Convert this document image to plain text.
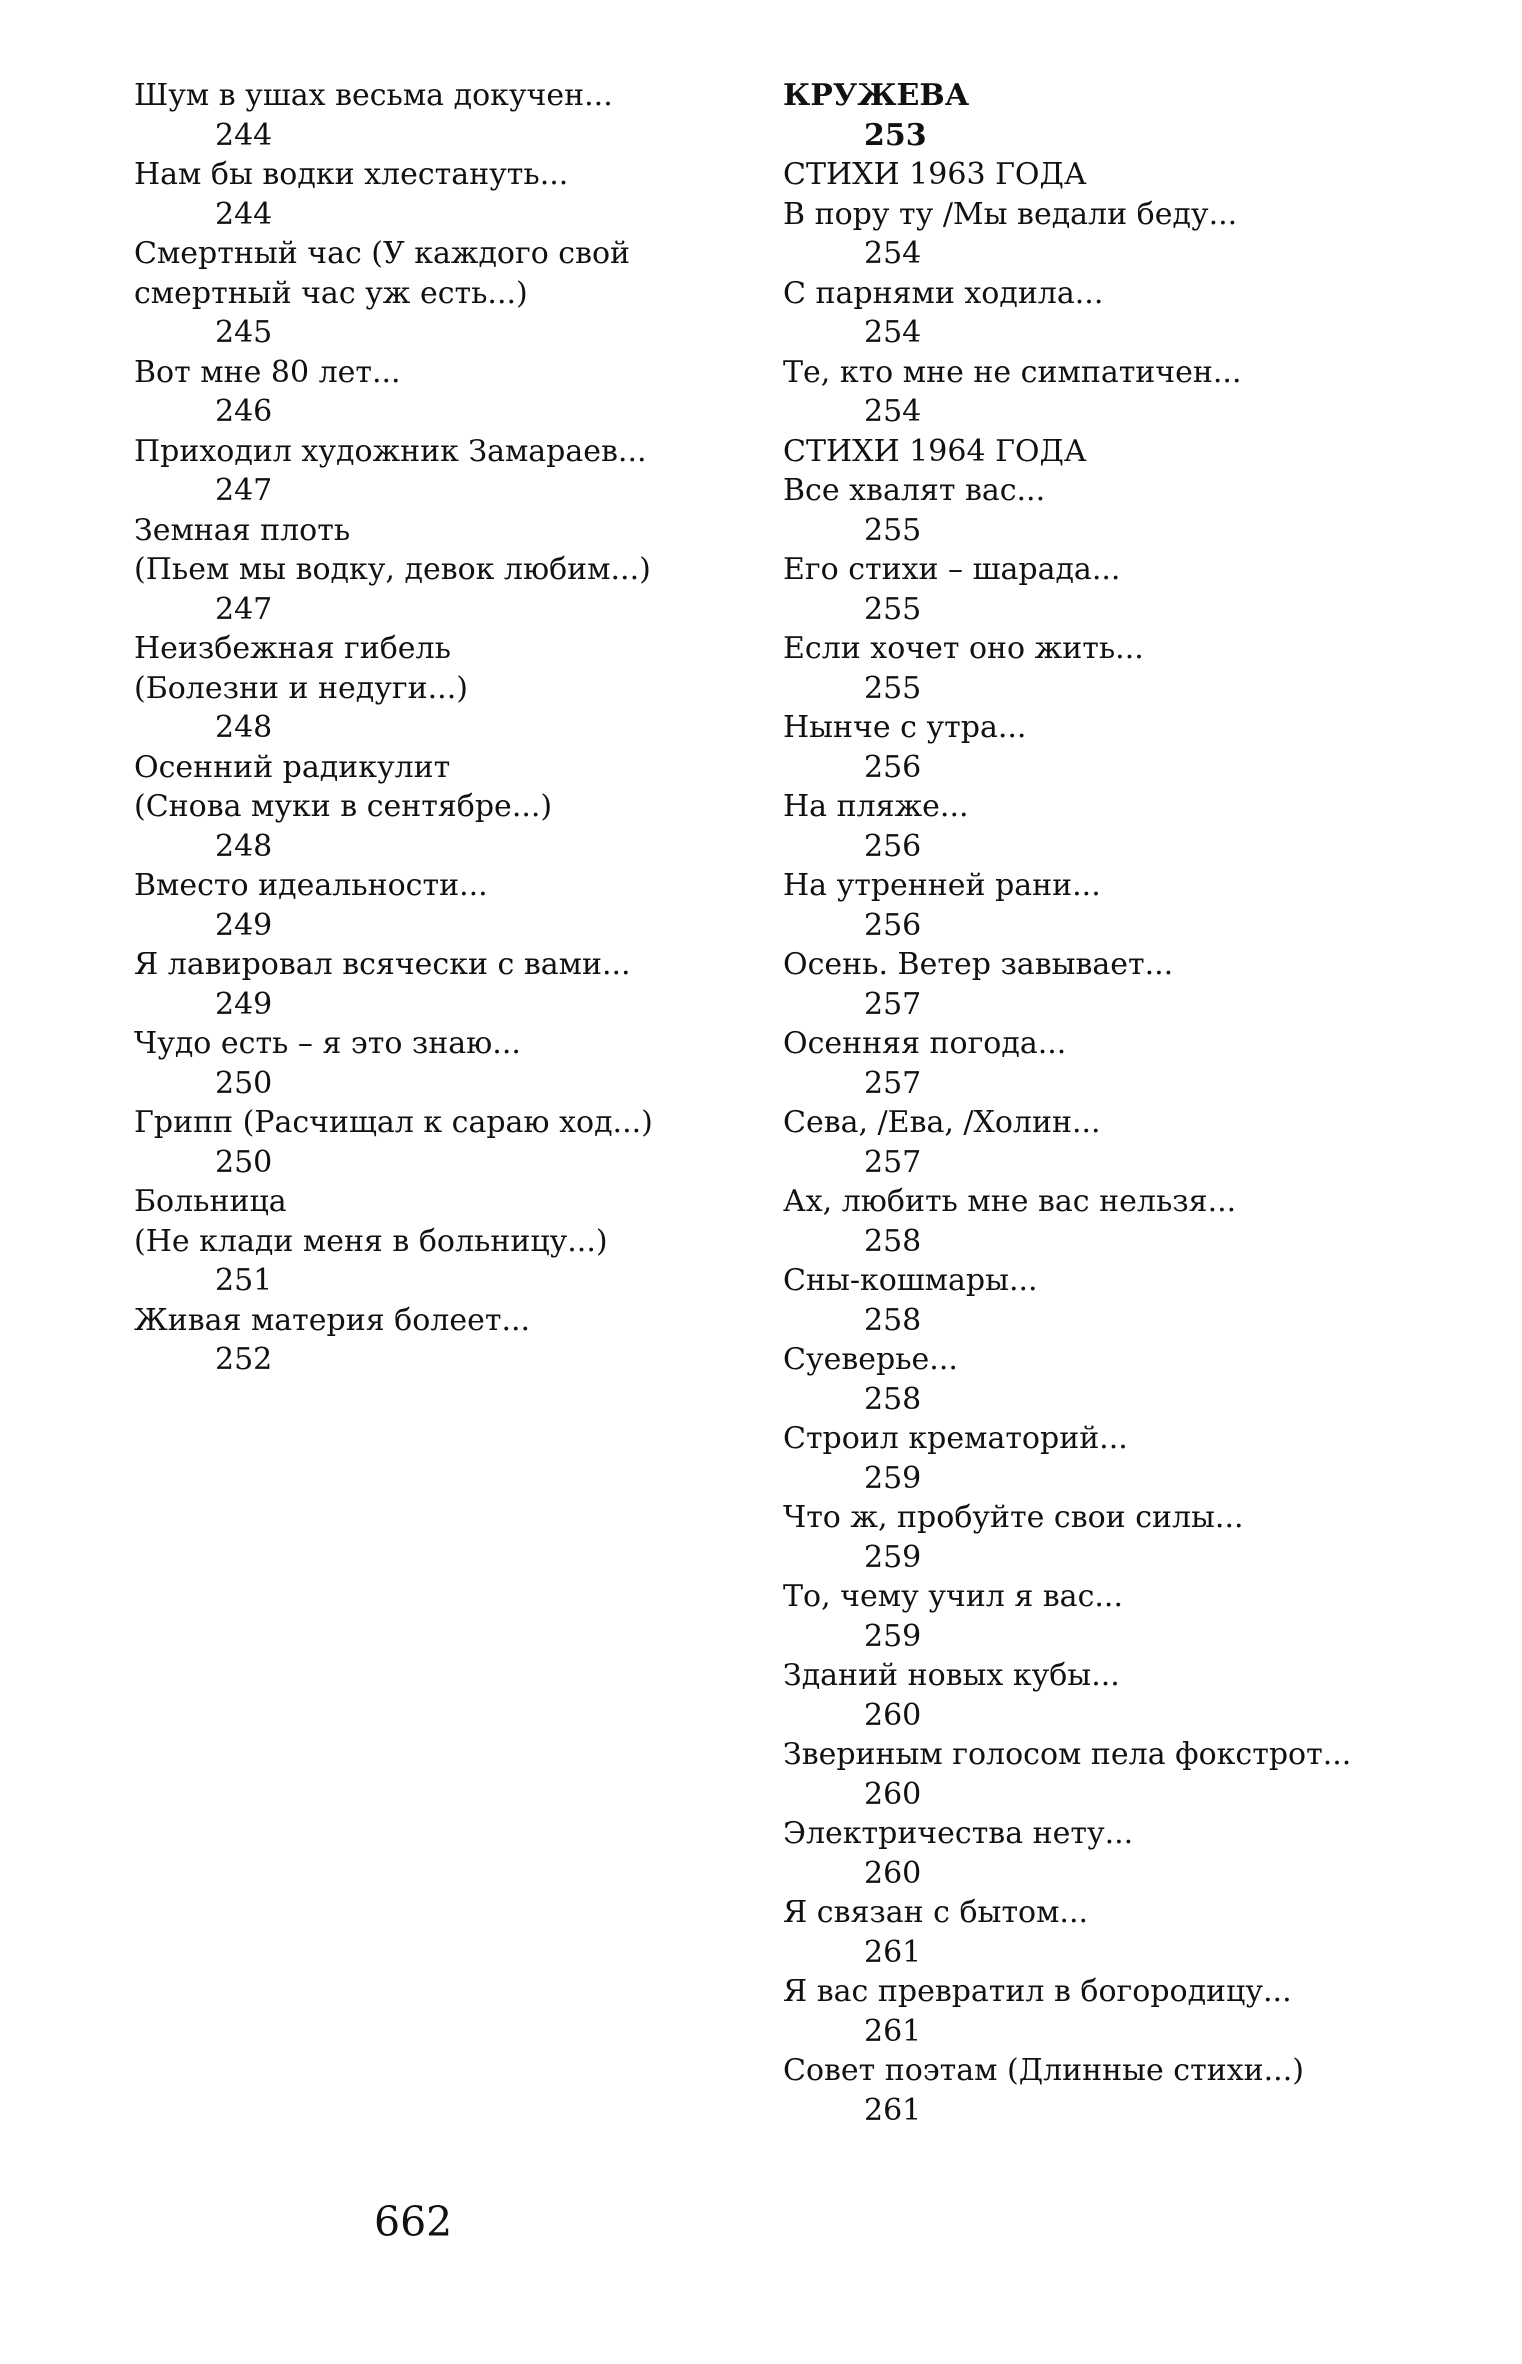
Шум в ушах весьма докучен...

244

Нам бы водки хлестануть...

244

Смертный час (У каждого свой

смертный час уж есть...)

245

Вот мне 80 лет...

246

Приходил художник Замараев...

247

Земная плоть

(Пьем мы водку, девок любим...)

247

Неизбежная гибель

(Болезни и недуги...)

248

Осенний радикулит

(Снова муки в сентябре...)

248

Вместо идеальности...

249

Я лавировал всячески с вами...

249

Чудо есть – я это знаю...

250

Грипп (Расчищал к сараю ход...)

250

Больница

(Не клади меня в больницу...)

251

Живая материя болеет...

252

КРУЖЕВА

253

СТИХИ 1963 ГОДА

В пору ту /Мы ведали беду...

254

С парнями ходила...

254

Те, кто мне не симпатичен...

254

СТИХИ 1964 ГОДА

Все хвалят вас...

255

Его стихи – шарада...

255

Если хочет оно жить...

255

Нынче с утра...

256

На пляже...

256

На утренней рани...

256

Осень. Ветер завывает...

257

Осенняя погода...

257

Сева, /Ева, /Холин...

257

Ах, любить мне вас нельзя...

258

Сны-кошмары...

258

Суеверье...

258

Строил крематорий...

259

Что ж, пробуйте свои силы...

259

То, чему учил я вас...

259

Зданий новых кубы...

260

Звериным голосом пела фокстрот...

260

Электричества нету...

260

Я связан с бытом...

261

Я вас превратил в богородицу...

261

Совет поэтам (Длинные стихи...)

261

662
